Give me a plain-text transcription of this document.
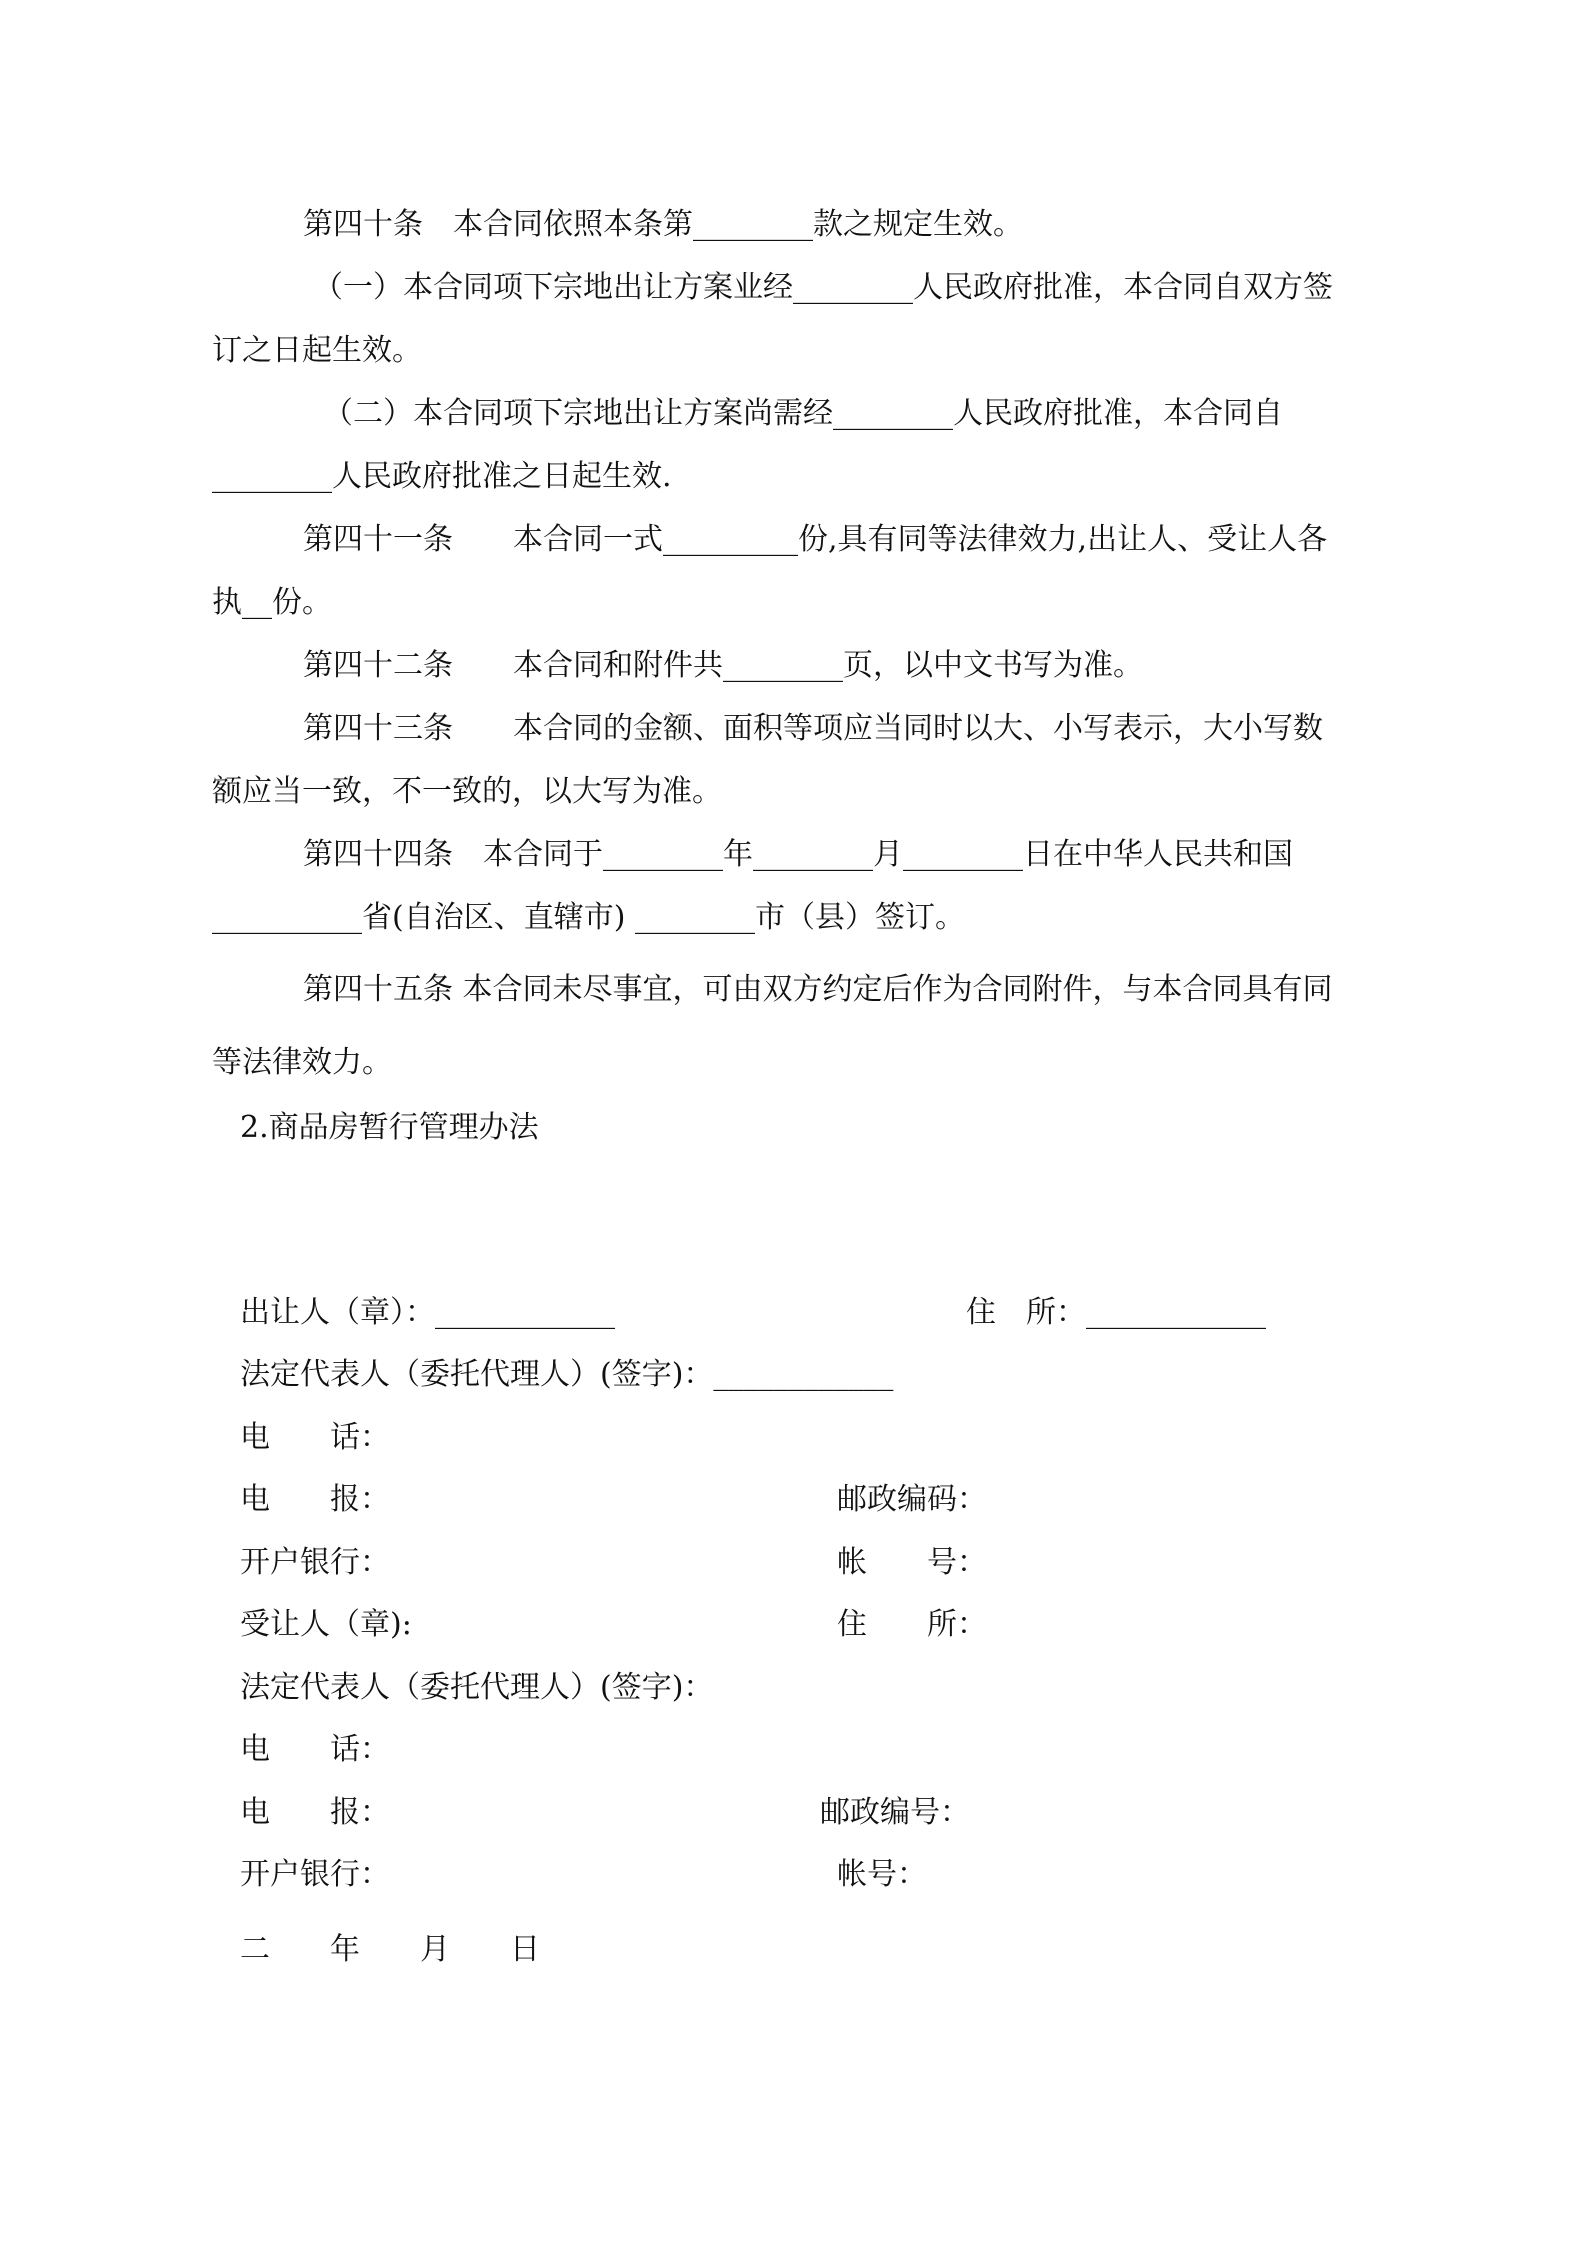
第四十条　本合同依照本条第________款之规定生效。
（一）本合同项下宗地出让方案业经________人民政府批准，本合同自双方签
订之日起生效。
（二）本合同项下宗地出让方案尚需经________人民政府批准，本合同自
________人民政府批准之日起生效.
第四十一条　　本合同一式_________份,具有同等法律效力,出让人、受让人各
执__份。
第四十二条　　本合同和附件共________页，以中文书写为准。
第四十三条　　本合同的金额、面积等项应当同时以大、小写表示，大小写数
额应当一致，不一致的，以大写为准。
第四十四条　本合同于________年________月________日在中华人民共和国
__________省(自治区、直辖市) ________市（县）签订。
第四十五条 本合同未尽事宜，可由双方约定后作为合同附件，与本合同具有同
等法律效力。
2.商品房暂行管理办法
出让人（章）：____________	住　所：____________
法定代表人（委托代理人）(签字)：____________
电　　话：
电　　报：	邮政编码：
开户银行：	帐　　号：
受让人（章):	住　　所：
法定代表人（委托代理人）(签字)：
电　　话：
电　　报：	邮政编号：
开户银行：	帐号：
二　　年　　月　　日
